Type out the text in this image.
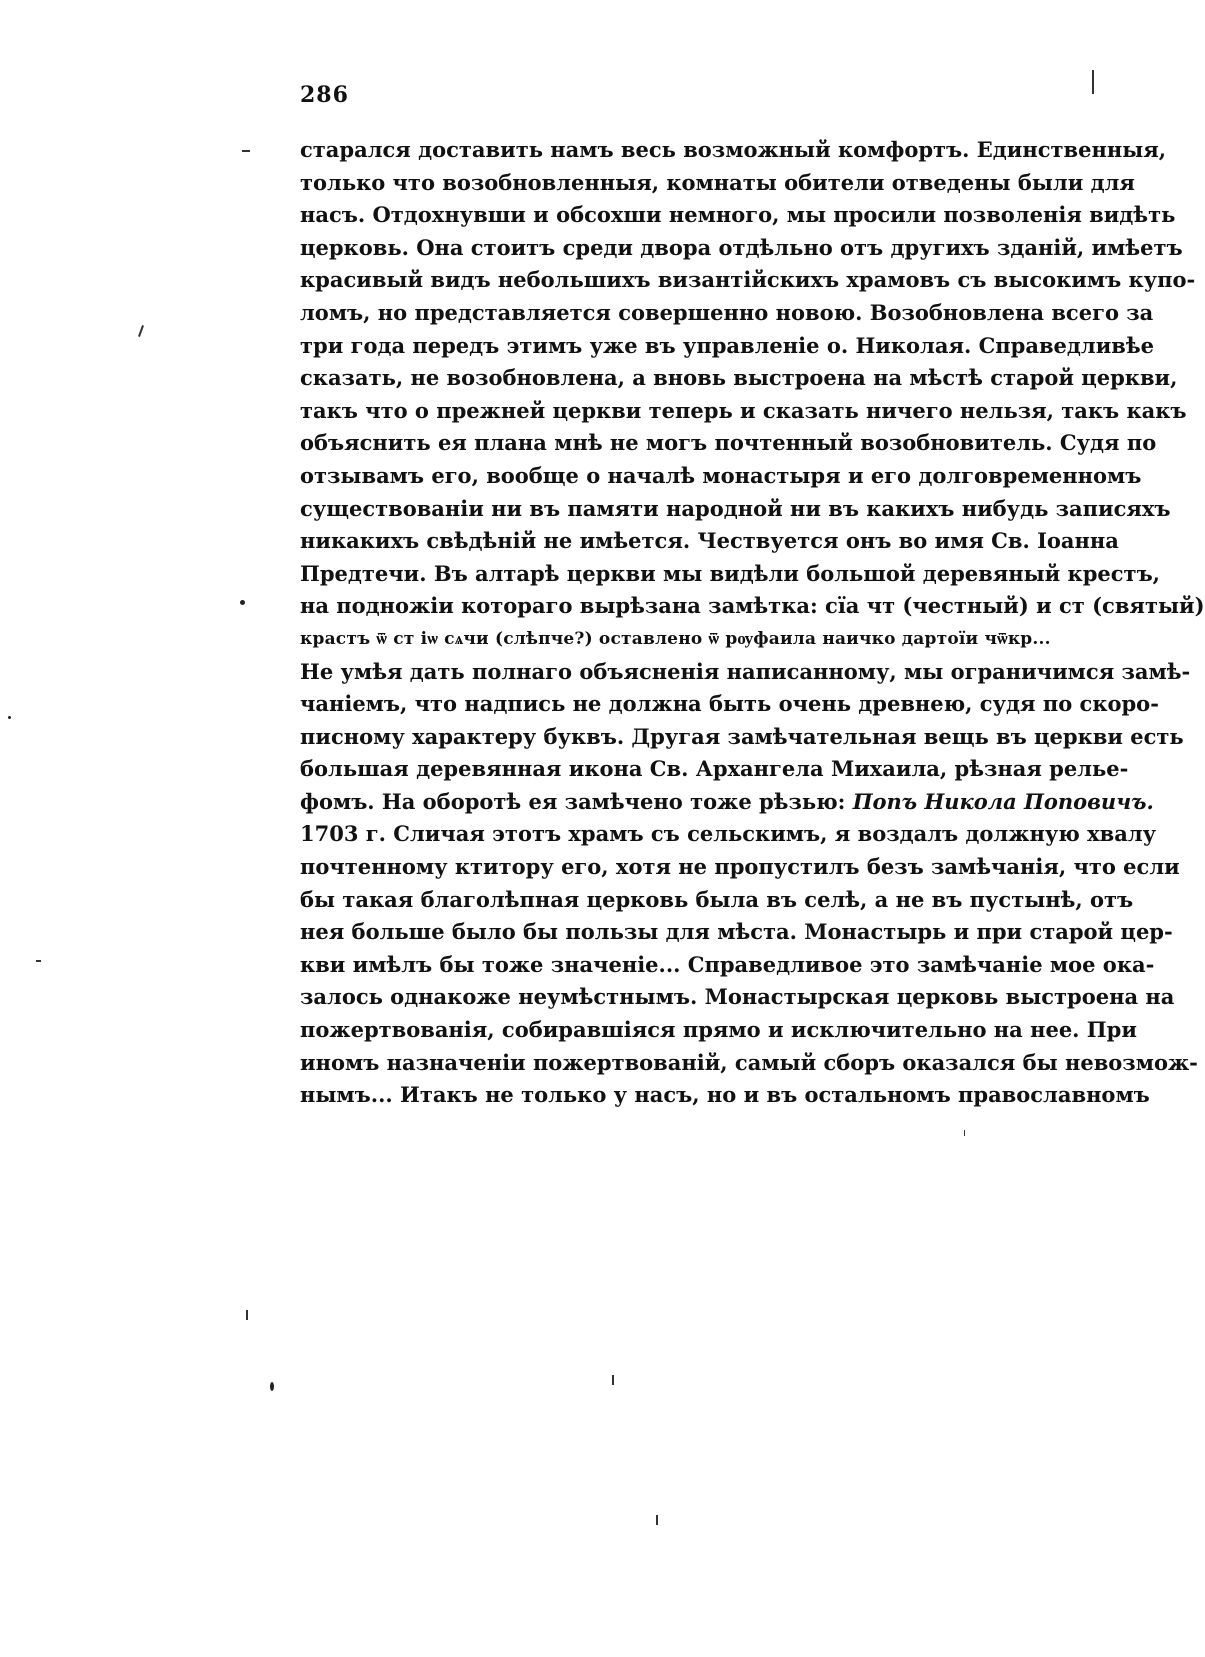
286
старался доставить намъ весь возможный комфортъ. Единственныя,
только что возобновленныя, комнаты обители отведены были для
насъ. Отдохнувши и обсохши немного, мы просили позволенія видѣть
церковь. Она стоитъ среди двора отдѣльно отъ другихъ зданій, имѣетъ
красивый видъ небольшихъ византійскихъ храмовъ съ высокимъ купо-
ломъ, но представляется совершенно новою. Возобновлена всего за
три года передъ этимъ уже въ управленіе о. Николая. Справедливѣе
сказать, не возобновлена, а вновь выстроена на мѣстѣ старой церкви,
такъ что о прежней церкви теперь и сказать ничего нельзя, такъ какъ
объяснить ея плана мнѣ не могъ почтенный возобновитель. Судя по
отзывамъ его, вообще о началѣ монастыря и его долговременномъ
существованіи ни въ памяти народной ни въ какихъ нибудь записяхъ
никакихъ свѣдѣній не имѣется. Чествуется онъ во имя Св. Іоанна
Предтечи. Въ алтарѣ церкви мы видѣли большой деревяный крестъ,
на подножіи котораго вырѣзана замѣтка: сїа чт (честный) и ст (святый)
крастъ ѿ ст іѡ сѧчи (слѣпче?) оставлено ѿ рѹфаила наичко дартоїи чѿкр...
Не умѣя дать полнаго объясненія написанному, мы ограничимся замѣ-
чаніемъ, что надпись не должна быть очень древнею, судя по скоро-
писному характеру буквъ. Другая замѣчательная вещь въ церкви есть
большая деревянная икона Св. Архангела Михаила, рѣзная релье-
фомъ. На оборотѣ ея замѣчено тоже рѣзью: Попъ Никола Поповичъ.
1703 г. Сличая этотъ храмъ съ сельскимъ, я воздалъ должную хвалу
почтенному ктитору его, хотя не пропустилъ безъ замѣчанія, что если
бы такая благолѣпная церковь была въ селѣ, а не въ пустынѣ, отъ
нея больше было бы пользы для мѣста. Монастырь и при старой цер-
кви имѣлъ бы тоже значеніе... Справедливое это замѣчаніе мое ока-
залось однакоже неумѣстнымъ. Монастырская церковь выстроена на
пожертвованія, собиравшіяся прямо и исключительно на нее. При
иномъ назначеніи пожертвованій, самый сборъ оказался бы невозмож-
нымъ... Итакъ не только у насъ, но и въ остальномъ православномъ
